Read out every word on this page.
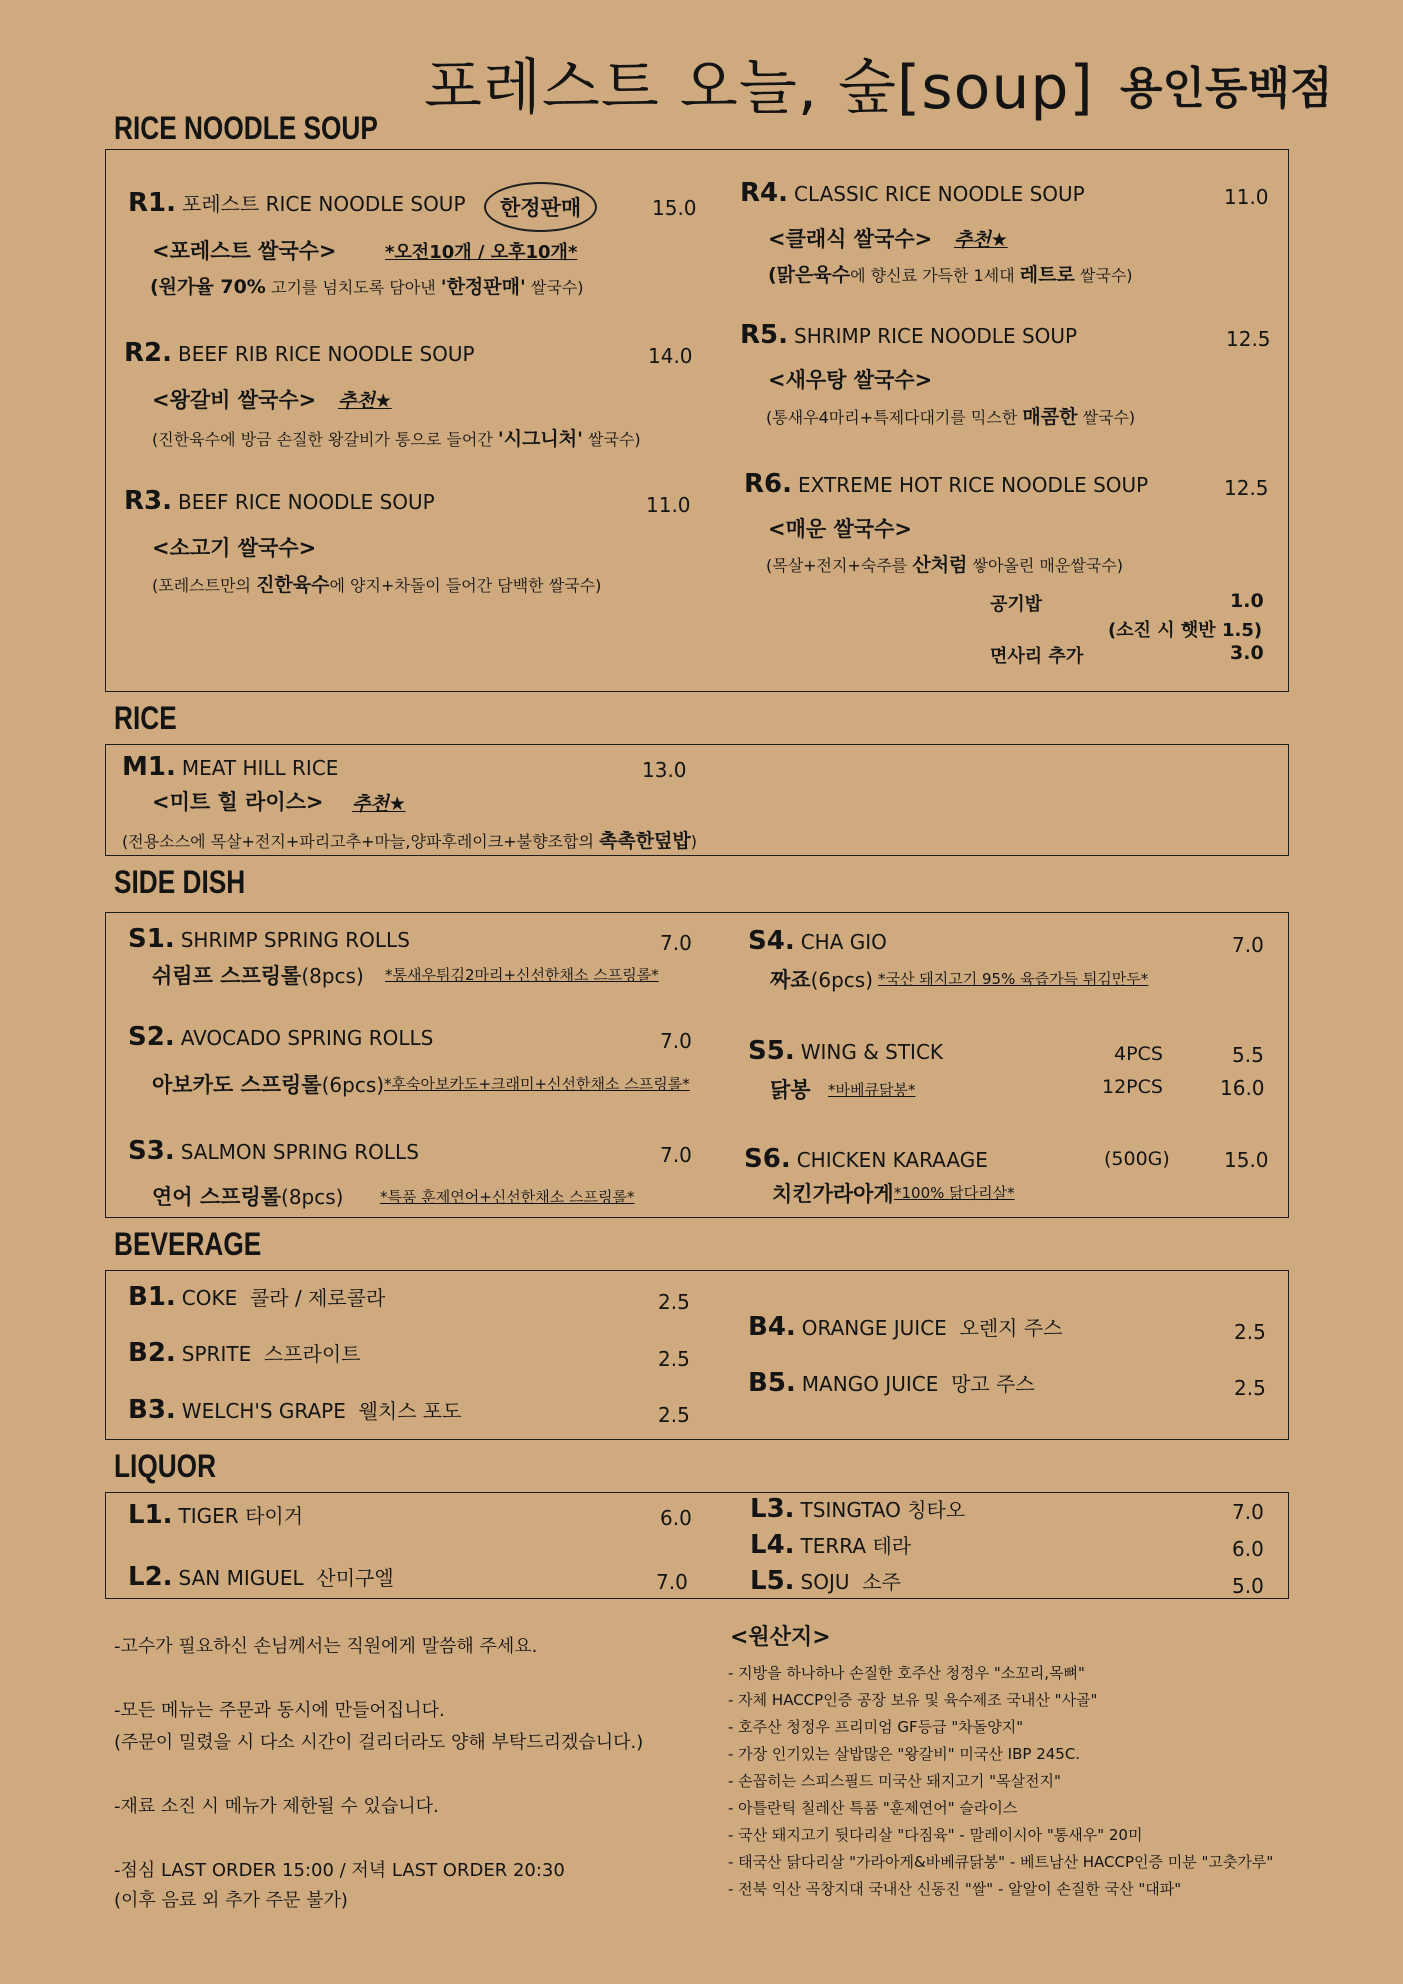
포레스트 오늘, 숲[soup] 용인동백점
RICE NOODLE SOUP
R1. 포레스트 RICE NOODLE SOUP	한정판매	15.0
<포레스트 쌀국수>	*오전10개 / 오후10개*
(원가율 70% 고기를 넘치도록 담아낸 '한정판매' 쌀국수)
R2. BEEF RIB RICE NOODLE SOUP	14.0
<왕갈비 쌀국수> 추천★
(진한육수에 방금 손질한 왕갈비가 통으로 들어간 '시그니처' 쌀국수)
R3. BEEF RICE NOODLE SOUP	11.0
<소고기 쌀국수>
(포레스트만의 진한육수에 양지+차돌이 들어간 담백한 쌀국수)
R4. CLASSIC RICE NOODLE SOUP	11.0
<클래식 쌀국수> 추천★
(맑은육수에 향신료 가득한 1세대 레트로 쌀국수)
R5. SHRIMP RICE NOODLE SOUP	12.5
<새우탕 쌀국수>
(통새우4마리+특제다대기를 믹스한 매콤한 쌀국수)
R6. EXTREME HOT RICE NOODLE SOUP	12.5
<매운 쌀국수>
(목살+전지+숙주를 산처럼 쌓아올린 매운쌀국수)
공기밥	1.0
(소진 시 햇반 1.5)
면사리 추가	3.0
RICE
M1. MEAT HILL RICE	13.0
<미트 힐 라이스> 추천★
(전용소스에 목살+전지+파리고추+마늘,양파후레이크+불향조합의 촉촉한덮밥)
SIDE DISH
S1. SHRIMP SPRING ROLLS	7.0
쉬림프 스프링롤(8pcs) *통새우튀김2마리+신선한채소 스프링롤*
S2. AVOCADO SPRING ROLLS	7.0
아보카도 스프링롤(6pcs) *후숙아보카도+크래미+신선한채소 스프링롤*
S3. SALMON SPRING ROLLS	7.0
연어 스프링롤(8pcs) *특품 훈제연어+신선한채소 스프링롤*
S4. CHA GIO	7.0
짜죠(6pcs) *국산 돼지고기 95% 육즙가득 튀김만두*
S5. WING & STICK	4PCS	5.5
닭봉 *바베큐닭봉*	12PCS	16.0
S6. CHICKEN KARAAGE	(500G)	15.0
치킨가라아게 *100% 닭다리살*
BEVERAGE
B1. COKE 콜라 / 제로콜라	2.5
B2. SPRITE 스프라이트	2.5
B3. WELCH'S GRAPE 웰치스 포도	2.5
B4. ORANGE JUICE 오렌지 주스	2.5
B5. MANGO JUICE 망고 주스	2.5
LIQUOR
L1. TIGER 타이거	6.0
L2. SAN MIGUEL 산미구엘	7.0
L3. TSINGTAO 칭타오	7.0
L4. TERRA 테라	6.0
L5. SOJU 소주	5.0
-고수가 필요하신 손님께서는 직원에게 말씀해 주세요.
-모든 메뉴는 주문과 동시에 만들어집니다.
(주문이 밀렸을 시 다소 시간이 걸리더라도 양해 부탁드리겠습니다.)
-재료 소진 시 메뉴가 제한될 수 있습니다.
-점심 LAST ORDER 15:00 / 저녁 LAST ORDER 20:30
(이후 음료 외 추가 주문 불가)
<원산지>
- 지방을 하나하나 손질한 호주산 청정우 "소꼬리,목뼈"
- 자체 HACCP인증 공장 보유 및 육수제조 국내산 "사골"
- 호주산 청정우 프리미엄 GF등급 "차돌양지"
- 가장 인기있는 살밥많은 "왕갈비" 미국산 IBP 245C.
- 손꼽히는 스피스필드 미국산 돼지고기 "목살전지"
- 아틀란틱 칠레산 특품 "훈제연어" 슬라이스
- 국산 돼지고기 뒷다리살 "다짐육" - 말레이시아 "통새우" 20미
- 태국산 닭다리살 "가라아게&바베큐닭봉" - 베트남산 HACCP인증 미분 "고춧가루"
- 전북 익산 곡창지대 국내산 신동진 "쌀" - 알알이 손질한 국산 "대파"
